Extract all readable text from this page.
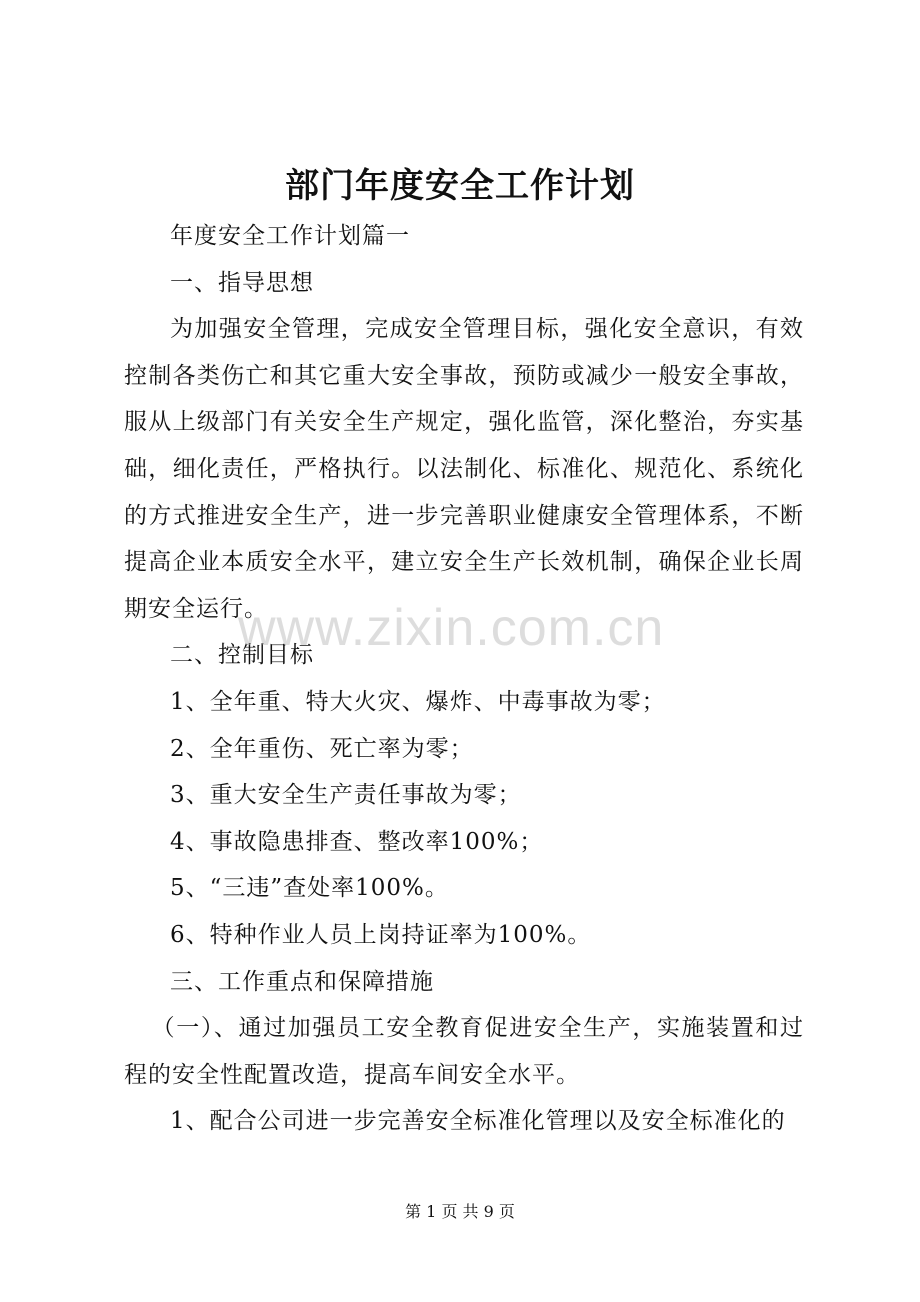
部门年度安全工作计划

年度安全工作计划篇一

一、指导思想

为加强安全管理，完成安全管理目标，强化安全意识，有效控制各类伤亡和其它重大安全事故，预防或减少一般安全事故，服从上级部门有关安全生产规定，强化监管，深化整治，夯实基础，细化责任，严格执行。以法制化、标准化、规范化、系统化的方式推进安全生产，进一步完善职业健康安全管理体系，不断提高企业本质安全水平，建立安全生产长效机制，确保企业长周期安全运行。

二、控制目标

1、全年重、特大火灾、爆炸、中毒事故为零；

2、全年重伤、死亡率为零；

3、重大安全生产责任事故为零；

4、事故隐患排查、整改率100%；

5、“三违”查处率100%。

6、特种作业人员上岗持证率为100%。

三、工作重点和保障措施

（一）、通过加强员工安全教育促进安全生产，实施装置和过程的安全性配置改造，提高车间安全水平。

1、配合公司进一步完善安全标准化管理以及安全标准化的

www.zixin.com.cn
第 1 页 共 9 页
